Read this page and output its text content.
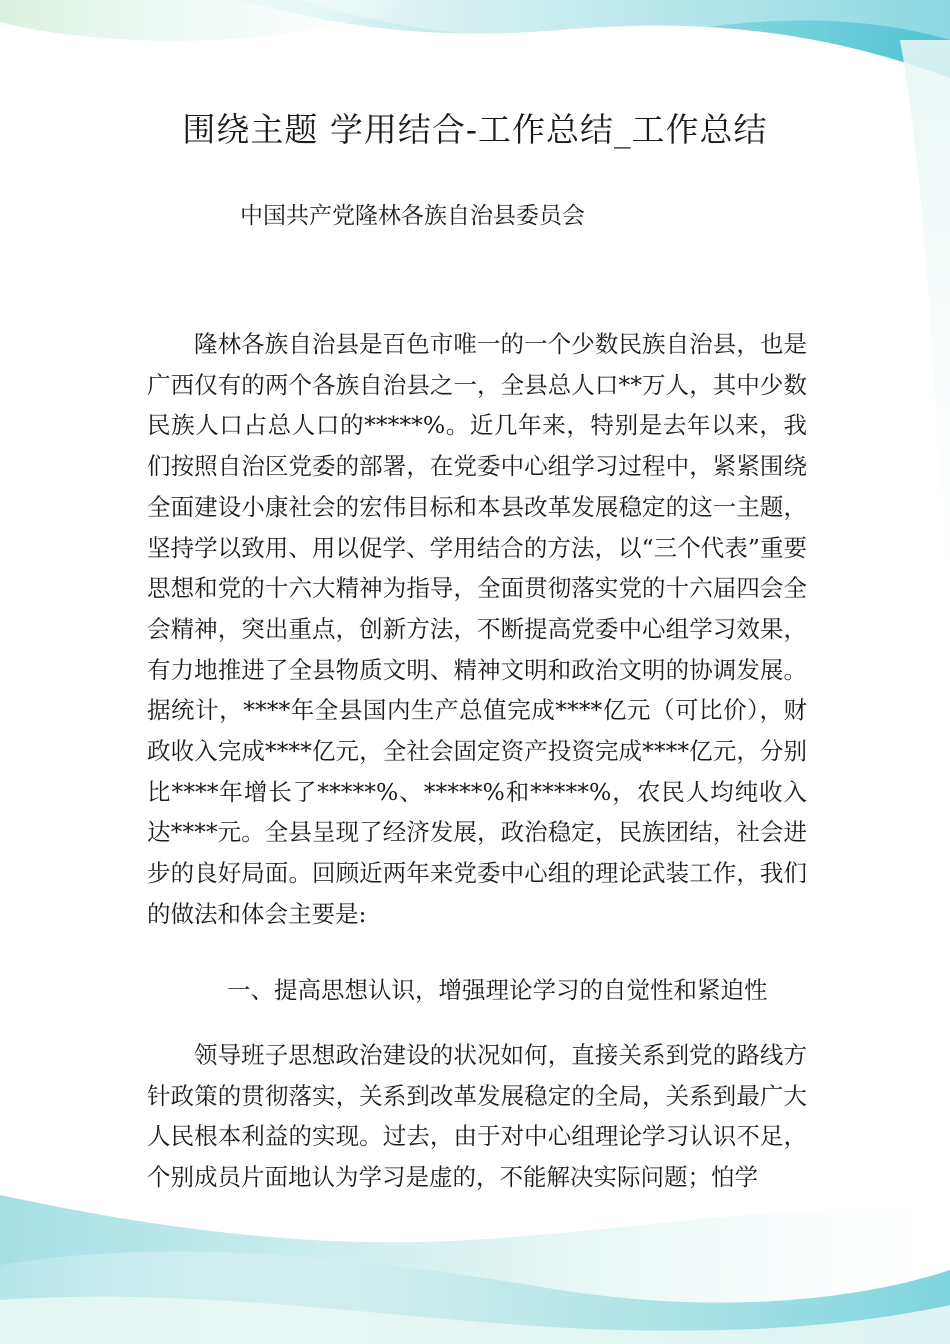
围绕主题 学用结合-工作总结_工作总结

中国共产党隆林各族自治县委员会

隆林各族自治县是百色市唯一的一个少数民族自治县，也是广西仅有的两个各族自治县之一，全县总人口**万人，其中少数民族人口占总人口的*****%。近几年来，特别是去年以来，我们按照自治区党委的部署，在党委中心组学习过程中，紧紧围绕全面建设小康社会的宏伟目标和本县改革发展稳定的这一主题，坚持学以致用、用以促学、学用结合的方法，以“三个代表”重要思想和党的十六大精神为指导，全面贯彻落实党的十六届四会全会精神，突出重点，创新方法，不断提高党委中心组学习效果，有力地推进了全县物质文明、精神文明和政治文明的协调发展。据统计，****年全县国内生产总值完成****亿元（可比价），财政收入完成****亿元，全社会固定资产投资完成****亿元，分别比****年增长了*****%、*****%和*****%，农民人均纯收入达****元。全县呈现了经济发展，政治稳定，民族团结，社会进步的良好局面。回顾近两年来党委中心组的理论武装工作，我们的做法和体会主要是:

一、提高思想认识，增强理论学习的自觉性和紧迫性

领导班子思想政治建设的状况如何，直接关系到党的路线方针政策的贯彻落实，关系到改革发展稳定的全局，关系到最广大人民根本利益的实现。过去，由于对中心组理论学习认识不足，个别成员片面地认为学习是虚的，不能解决实际问题；怕学
